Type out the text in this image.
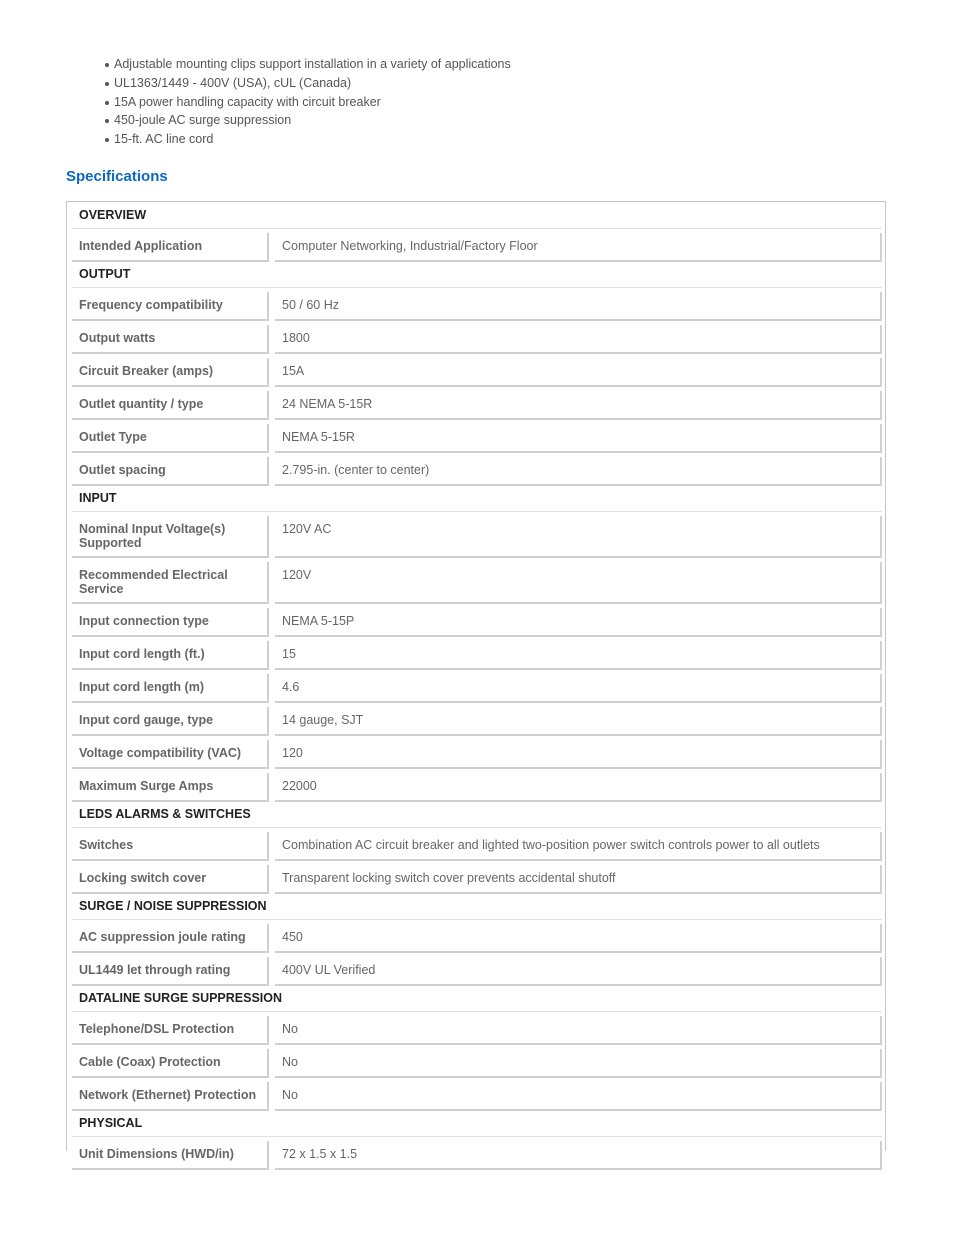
Adjustable mounting clips support installation in a variety of applications
UL1363/1449 - 400V (USA), cUL (Canada)
15A power handling capacity with circuit breaker
450-joule AC surge suppression
15-ft. AC line cord
Specifications
OVERVIEW		

Intended Application		Computer Networking, Industrial/Factory Floor
OUTPUT		

Frequency compatibility		50 / 60 Hz

Output watts		1800

Circuit Breaker (amps)		15A

Outlet quantity / type		24 NEMA 5-15R

Outlet Type		NEMA 5-15R

Outlet spacing		2.795-in. (center to center)
INPUT		

Nominal Input Voltage(s) Supported		120V AC

Recommended Electrical Service		120V

Input connection type		NEMA 5-15P

Input cord length (ft.)		15

Input cord length (m)		4.6

Input cord gauge, type		14 gauge, SJT

Voltage compatibility (VAC)		120

Maximum Surge Amps		22000
LEDS ALARMS & SWITCHES		

Switches		Combination AC circuit breaker and lighted two-position power switch controls power to all outlets

Locking switch cover		Transparent locking switch cover prevents accidental shutoff
SURGE / NOISE SUPPRESSION		

AC suppression joule rating		450

UL1449 let through rating		400V UL Verified
DATALINE SURGE SUPPRESSION		

Telephone/DSL Protection		No

Cable (Coax) Protection		No

Network (Ethernet) Protection		No
PHYSICAL		

Unit Dimensions (HWD/in)		72 x 1.5 x 1.5
